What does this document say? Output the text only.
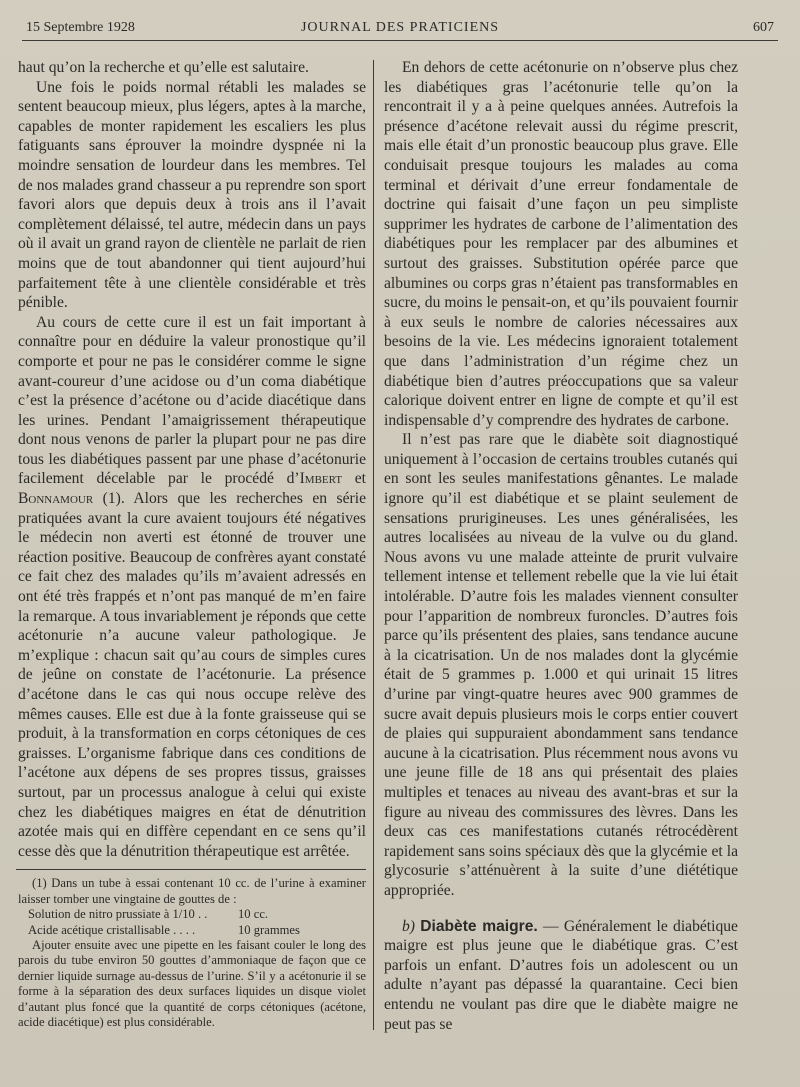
15 Septembre 1928	JOURNAL DES PRATICIENS	607

haut qu’on la recherche et qu’elle est salutaire.

Une fois le poids normal rétabli les malades se sentent beaucoup mieux, plus légers, aptes à la marche, capables de monter rapidement les escaliers les plus fatiguants sans éprouver la moindre dyspnée ni la moindre sensation de lourdeur dans les membres. Tel de nos malades grand chasseur a pu reprendre son sport favori alors que depuis deux à trois ans il l’avait complètement délaissé, tel autre, médecin dans un pays où il avait un grand rayon de clientèle ne parlait de rien moins que de tout abandonner qui tient aujourd’hui parfaitement tête à une clientèle considérable et très pénible.

Au cours de cette cure il est un fait important à connaître pour en déduire la valeur pronostique qu’il comporte et pour ne pas le considérer comme le signe avant-coureur d’une acidose ou d’un coma diabétique c’est la présence d’acétone ou d’acide diacétique dans les urines. Pendant l’amaigrissement thérapeutique dont nous venons de parler la plupart pour ne pas dire tous les diabétiques passent par une phase d’acétonurie facilement décelable par le procédé d’Imbert et Bonnamour (1). Alors que les recherches en série pratiquées avant la cure avaient toujours été négatives le médecin non averti est étonné de trouver une réaction positive. Beaucoup de confrères ayant constaté ce fait chez des malades qu’ils m’avaient adressés en ont été très frappés et n’ont pas manqué de m’en faire la remarque. A tous invariablement je réponds que cette acétonurie n’a aucune valeur pathologique. Je m’explique : chacun sait qu’au cours de simples cures de jeûne on constate de l’acétonurie. La présence d’acétone dans le cas qui nous occupe relève des mêmes causes. Elle est due à la fonte graisseuse qui se produit, à la transformation en corps cétoniques de ces graisses. L’organisme fabrique dans ces conditions de l’acétone aux dépens de ses propres tissus, graisses surtout, par un processus analogue à celui qui existe chez les diabétiques maigres en état de dénutrition azotée mais qui en diffère cependant en ce sens qu’il cesse dès que la dénutrition thérapeutique est arrêtée.

(1) Dans un tube à essai contenant 10 cc. de l’urine à examiner laisser tomber une vingtaine de gouttes de :

Solution de nitro prussiate à 1/10 . .	10 cc.
Acide acétique cristallisable . . . .	10 grammes

Ajouter ensuite avec une pipette en les faisant couler le long des parois du tube environ 50 gouttes d’ammoniaque de façon que ce dernier liquide surnage au-dessus de l’urine. S’il y a acétonurie il se forme à la séparation des deux surfaces liquides un disque violet d’autant plus foncé que la quantité de corps cétoniques (acétone, acide diacétique) est plus considérable.

En dehors de cette acétonurie on n’observe plus chez les diabétiques gras l’acétonurie telle qu’on la rencontrait il y a à peine quelques années. Autrefois la présence d’acétone relevait aussi du régime prescrit, mais elle était d’un pronostic beaucoup plus grave. Elle conduisait presque toujours les malades au coma terminal et dérivait d’une erreur fondamentale de doctrine qui faisait d’une façon un peu simpliste supprimer les hydrates de carbone de l’alimentation des diabétiques pour les remplacer par des albumines et surtout des graisses. Substitution opérée parce que albumines ou corps gras n’étaient pas transformables en sucre, du moins le pensait-on, et qu’ils pouvaient fournir à eux seuls le nombre de calories nécessaires aux besoins de la vie. Les médecins ignoraient totalement que dans l’administration d’un régime chez un diabétique bien d’autres préoccupations que sa valeur calorique doivent entrer en ligne de compte et qu’il est indispensable d’y comprendre des hydrates de carbone.

Il n’est pas rare que le diabète soit diagnostiqué uniquement à l’occasion de certains troubles cutanés qui en sont les seules manifestations gênantes. Le malade ignore qu’il est diabétique et se plaint seulement de sensations prurigineuses. Les unes généralisées, les autres localisées au niveau de la vulve ou du gland. Nous avons vu une malade atteinte de prurit vulvaire tellement intense et tellement rebelle que la vie lui était intolérable. D’autre fois les malades viennent consulter pour l’apparition de nombreux furoncles. D’autres fois parce qu’ils présentent des plaies, sans tendance aucune à la cicatrisation. Un de nos malades dont la glycémie était de 5 grammes p. 1.000 et qui urinait 15 litres d’urine par vingt-quatre heures avec 900 grammes de sucre avait depuis plusieurs mois le corps entier couvert de plaies qui suppuraient abondamment sans tendance aucune à la cicatrisation. Plus récemment nous avons vu une jeune fille de 18 ans qui présentait des plaies multiples et tenaces au niveau des avant-bras et sur la figure au niveau des commissures des lèvres. Dans les deux cas ces manifestations cutanés rétrocédèrent rapidement sans soins spéciaux dès que la glycémie et la glycosurie s’atténuèrent à la suite d’une diététique appropriée.

b) Diabète maigre. — Généralement le diabétique maigre est plus jeune que le diabétique gras. C’est parfois un enfant. D’autres fois un adolescent ou un adulte n’ayant pas dépassé la quarantaine. Ceci bien entendu ne voulant pas dire que le diabète maigre ne peut pas se
